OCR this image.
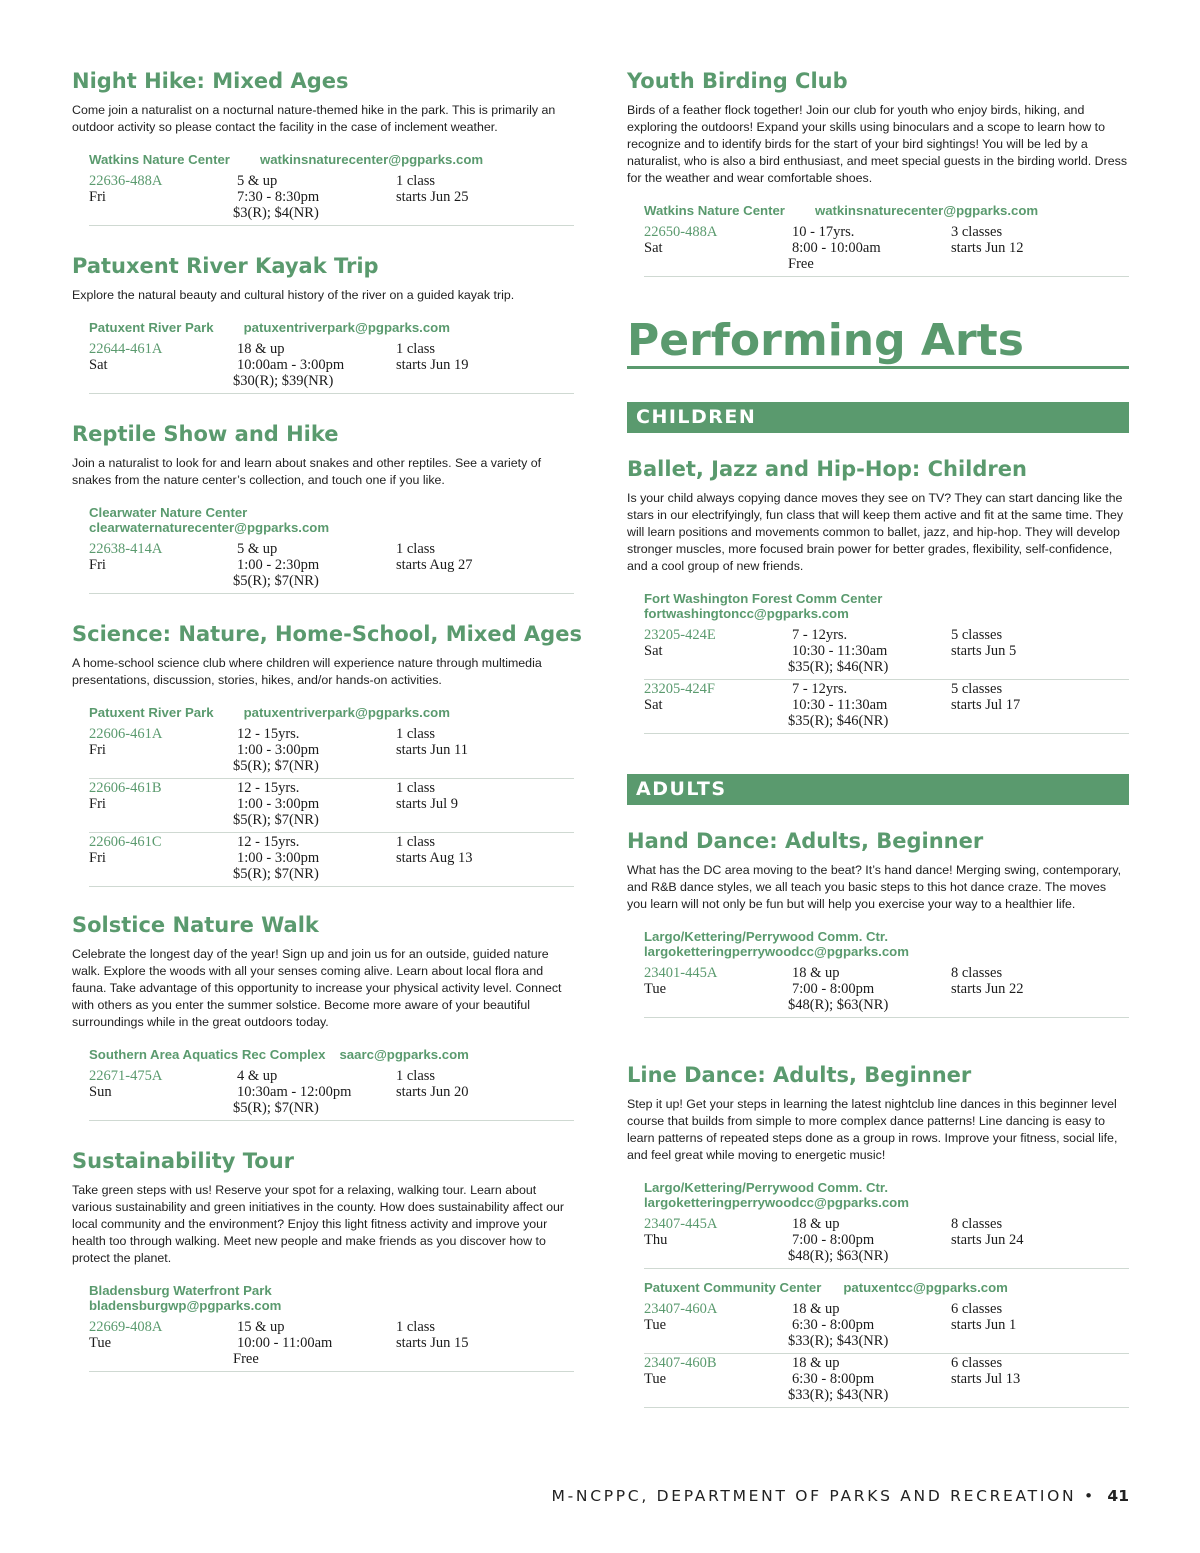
Night Hike: Mixed Ages
Come join a naturalist on a nocturnal nature-themed hike in the park. This is primarily an outdoor activity so please contact the facility in the case of inclement weather.
Watkins Nature Center watkinsnaturecenter@pgparks.com
22636-488A
Fri
5 & up
7:30 - 8:30pm
$3(R); $4(NR)
1 class
starts Jun 25
Patuxent River Kayak Trip
Explore the natural beauty and cultural history of the river on a guided kayak trip.
Patuxent River Park patuxentriverpark@pgparks.com
22644-461A
Sat
18 & up
10:00am - 3:00pm
$30(R); $39(NR)
1 class
starts Jun 19
Reptile Show and Hike
Join a naturalist to look for and learn about snakes and other reptiles. See a variety of snakes from the nature center’s collection, and touch one if you like.
Clearwater Nature Center
clearwaternaturecenter@pgparks.com
22638-414A
Fri
5 & up
1:00 - 2:30pm
$5(R); $7(NR)
1 class
starts Aug 27
Science: Nature, Home-School, Mixed Ages
A home-school science club where children will experience nature through multimedia presentations, discussion, stories, hikes, and/or hands-on activities.
Patuxent River Park patuxentriverpark@pgparks.com
22606-461A
Fri
12 - 15yrs.
1:00 - 3:00pm
$5(R); $7(NR)
1 class
starts Jun 11
22606-461B
Fri
12 - 15yrs.
1:00 - 3:00pm
$5(R); $7(NR)
1 class
starts Jul 9
22606-461C
Fri
12 - 15yrs.
1:00 - 3:00pm
$5(R); $7(NR)
1 class
starts Aug 13
Solstice Nature Walk
Celebrate the longest day of the year! Sign up and join us for an outside, guided nature walk. Explore the woods with all your senses coming alive. Learn about local flora and fauna. Take advantage of this opportunity to increase your physical activity level. Connect with others as you enter the summer solstice. Become more aware of your beautiful surroundings while in the great outdoors today.
Southern Area Aquatics Rec Complex saarc@pgparks.com
22671-475A
Sun
4 & up
10:30am - 12:00pm
$5(R); $7(NR)
1 class
starts Jun 20
Sustainability Tour
Take green steps with us! Reserve your spot for a relaxing, walking tour. Learn about various sustainability and green initiatives in the county. How does sustainability affect our local community and the environment? Enjoy this light fitness activity and improve your health too through walking. Meet new people and make friends as you discover how to protect the planet.
Bladensburg Waterfront Park
bladensburgwp@pgparks.com
22669-408A
Tue
15 & up
10:00 - 11:00am
Free
1 class
starts Jun 15
Youth Birding Club
Birds of a feather flock together! Join our club for youth who enjoy birds, hiking, and exploring the outdoors! Expand your skills using binoculars and a scope to learn how to recognize and to identify birds for the start of your bird sightings! You will be led by a naturalist, who is also a bird enthusiast, and meet special guests in the birding world. Dress for the weather and wear comfortable shoes.
Watkins Nature Center watkinsnaturecenter@pgparks.com
22650-488A
Sat
10 - 17yrs.
8:00 - 10:00am
Free
3 classes
starts Jun 12
Performing Arts
CHILDREN
Ballet, Jazz and Hip-Hop: Children
Is your child always copying dance moves they see on TV? They can start dancing like the stars in our electrifyingly, fun class that will keep them active and fit at the same time. They will learn positions and movements common to ballet, jazz, and hip-hop. They will develop stronger muscles, more focused brain power for better grades, flexibility, self-confidence, and a cool group of new friends.
Fort Washington Forest Comm Center
fortwashingtoncc@pgparks.com
23205-424E
Sat
7 - 12yrs.
10:30 - 11:30am
$35(R); $46(NR)
5 classes
starts Jun 5
23205-424F
Sat
7 - 12yrs.
10:30 - 11:30am
$35(R); $46(NR)
5 classes
starts Jul 17
ADULTS
Hand Dance: Adults, Beginner
What has the DC area moving to the beat? It’s hand dance! Merging swing, contemporary, and R&B dance styles, we all teach you basic steps to this hot dance craze. The moves you learn will not only be fun but will help you exercise your way to a healthier life.
Largo/Kettering/Perrywood Comm. Ctr.
largoketteringperrywoodcc@pgparks.com
23401-445A
Tue
18 & up
7:00 - 8:00pm
$48(R); $63(NR)
8 classes
starts Jun 22
Line Dance: Adults, Beginner
Step it up! Get your steps in learning the latest nightclub line dances in this beginner level course that builds from simple to more complex dance patterns! Line dancing is easy to learn patterns of repeated steps done as a group in rows. Improve your fitness, social life, and feel great while moving to energetic music!
Largo/Kettering/Perrywood Comm. Ctr.
largoketteringperrywoodcc@pgparks.com
23407-445A
Thu
18 & up
7:00 - 8:00pm
$48(R); $63(NR)
8 classes
starts Jun 24
Patuxent Community Center patuxentcc@pgparks.com
23407-460A
Tue
18 & up
6:30 - 8:00pm
$33(R); $43(NR)
6 classes
starts Jun 1
23407-460B
Tue
18 & up
6:30 - 8:00pm
$33(R); $43(NR)
6 classes
starts Jul 13
M-NCPPC, DEPARTMENT OF PARKS AND RECREATION • 41
